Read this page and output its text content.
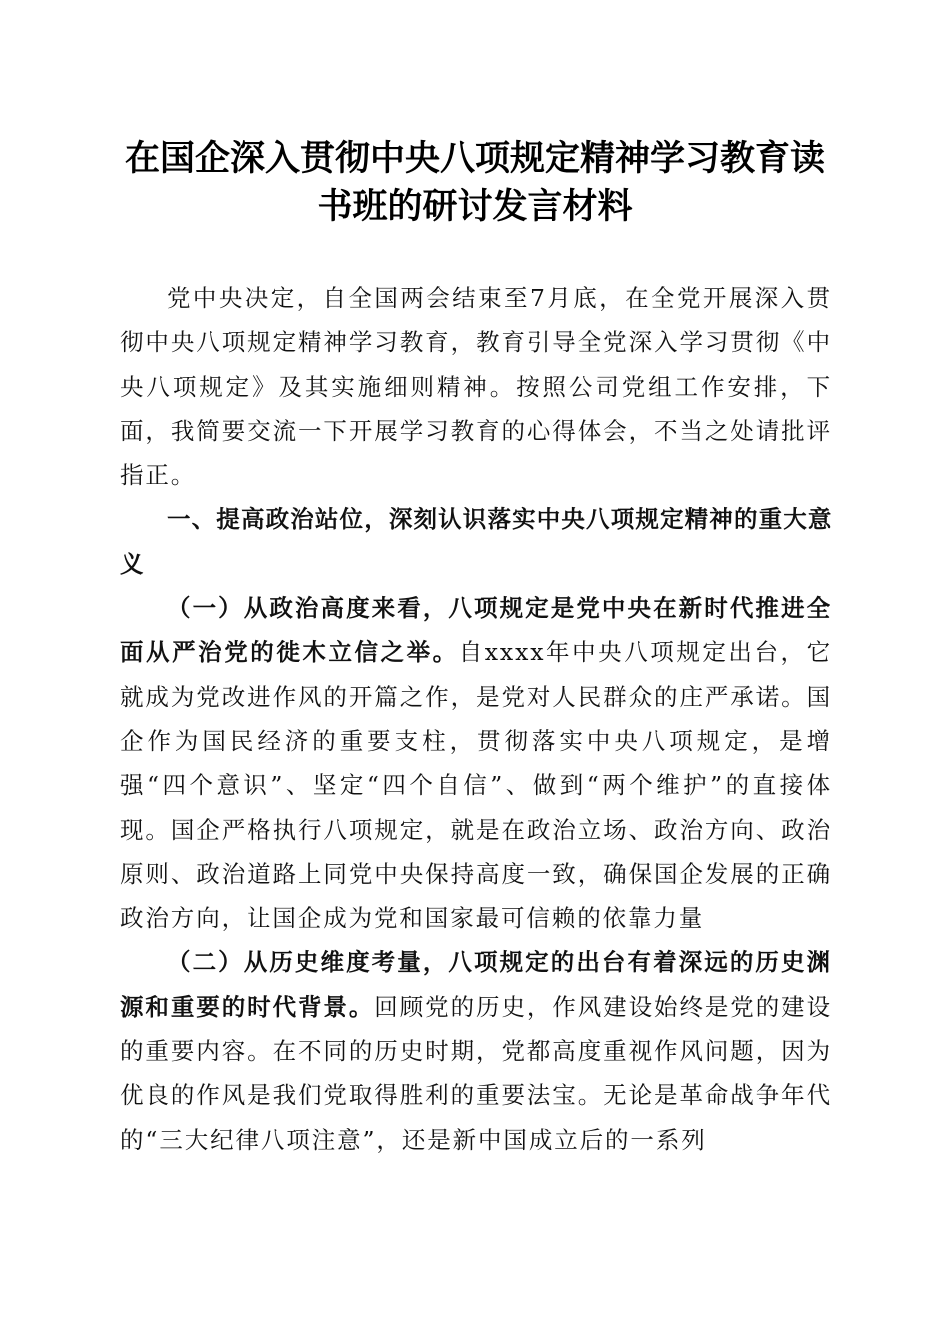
在国企深入贯彻中央八项规定精神学习教育读书班的研讨发言材料

党中央决定，自全国两会结束至7月底，在全党开展深入贯彻中央八项规定精神学习教育，教育引导全党深入学习贯彻《中央八项规定》及其实施细则精神。按照公司党组工作安排，下面，我简要交流一下开展学习教育的心得体会，不当之处请批评指正。

一、提高政治站位，深刻认识落实中央八项规定精神的重大意义

（一）从政治高度来看，八项规定是党中央在新时代推进全面从严治党的徙木立信之举。自xxxx年中央八项规定出台，它就成为党改进作风的开篇之作，是党对人民群众的庄严承诺。国企作为国民经济的重要支柱，贯彻落实中央八项规定，是增强“四个意识”、坚定“四个自信”、做到“两个维护”的直接体现。国企严格执行八项规定，就是在政治立场、政治方向、政治原则、政治道路上同党中央保持高度一致，确保国企发展的正确政治方向，让国企成为党和国家最可信赖的依靠力量

（二）从历史维度考量，八项规定的出台有着深远的历史渊源和重要的时代背景。回顾党的历史，作风建设始终是党的建设的重要内容。在不同的历史时期，党都高度重视作风问题，因为优良的作风是我们党取得胜利的重要法宝。无论是革命战争年代的“三大纪律八项注意”，还是新中国成立后的一系列
